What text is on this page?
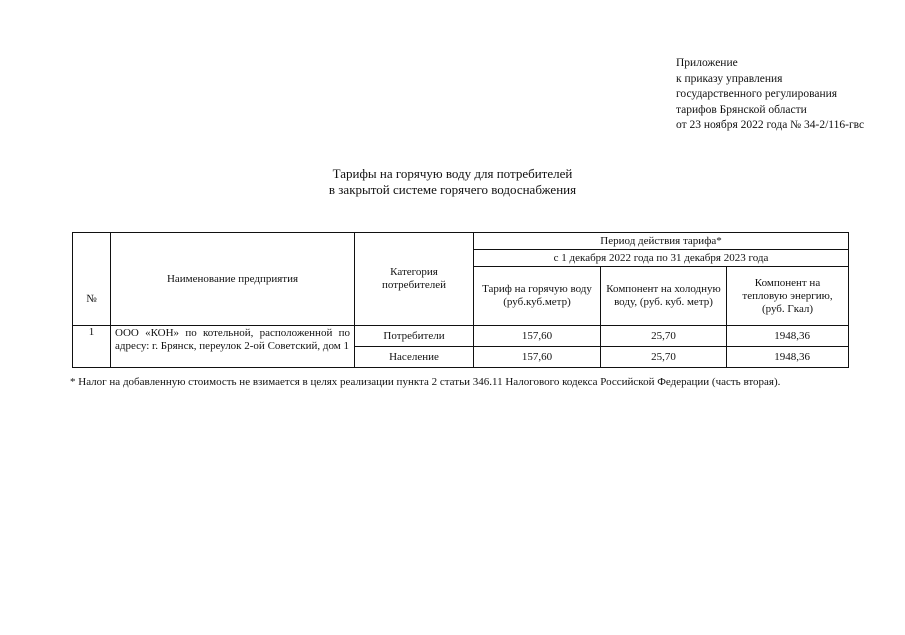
Приложение
к приказу управления
государственного регулирования
тарифов Брянской области
от 23 ноября 2022 года № 34-2/116-гвс
Тарифы на горячую воду для потребителей
в закрытой системе горячего водоснабжения
№	Наименование предприятия	Категория потребителей	Период действия тарифа*		
			с 1 декабря 2022 года по 31 декабря 2023 года		
			Тариф на горячую воду (руб.куб.метр)	Компонент на холодную воду, (руб. куб. метр)	Компонент на тепловую энергию, (руб. Гкал)
1	ООО «КОН» по котельной, расположенной по адресу: г. Брянск, переулок 2-ой Советский, дом 1	Потребители	157,60	25,70	1948,36
		Население	157,60	25,70	1948,36
* Налог на добавленную стоимость не взимается в целях реализации пункта 2 статьи 346.11 Налогового кодекса Российской Федерации (часть вторая).
